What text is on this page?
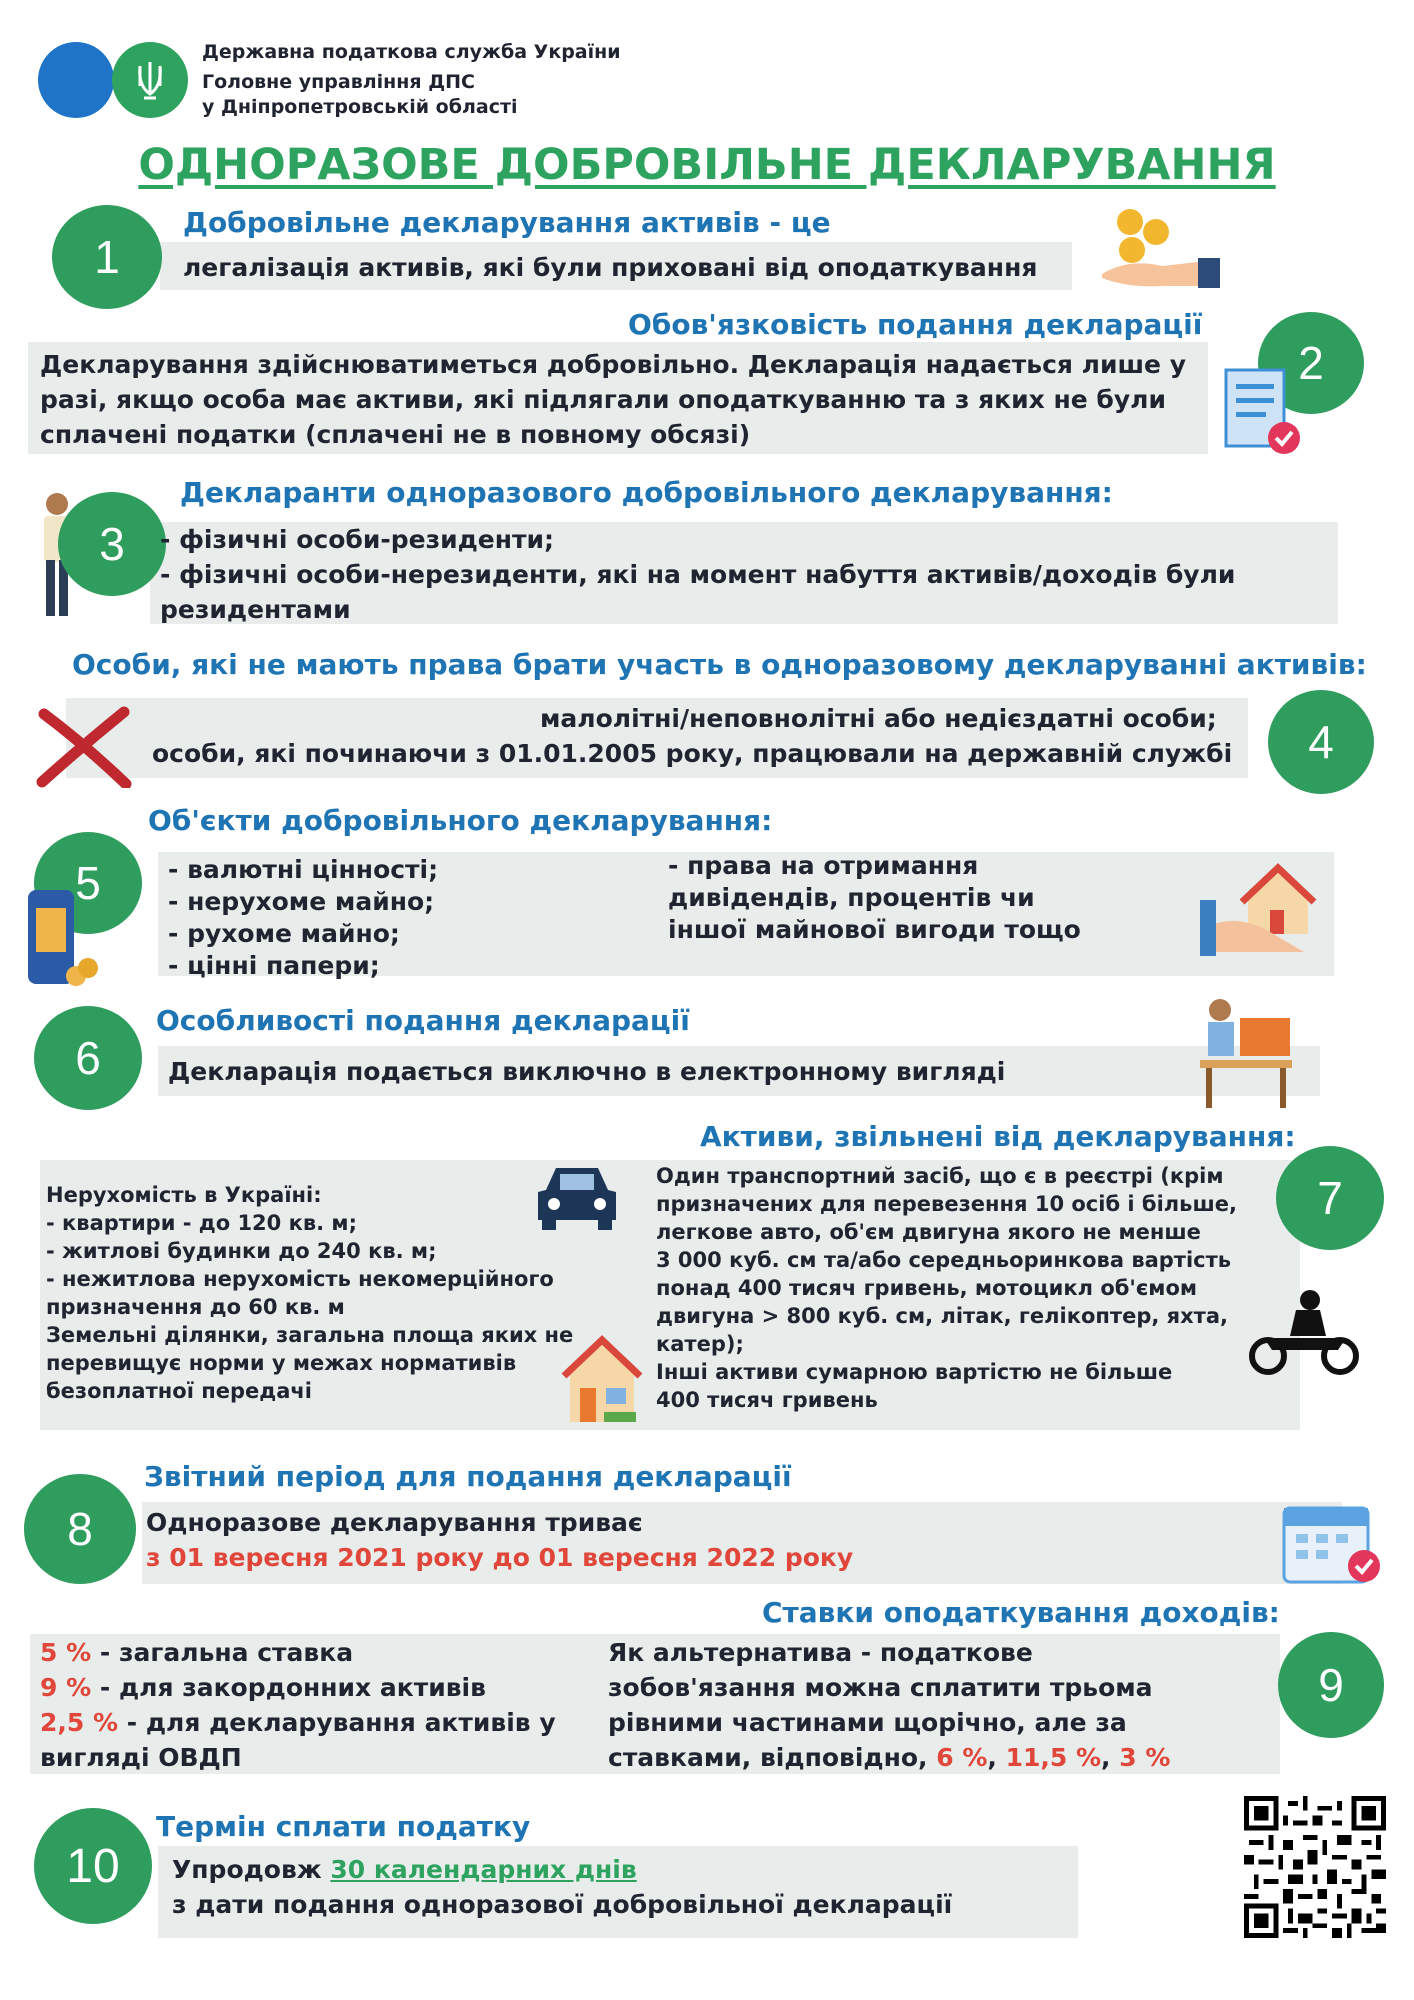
Державна податкова служба України
Головне управління ДПС
у Дніпропетровській області
ОДНОРАЗОВЕ ДОБРОВІЛЬНЕ ДЕКЛАРУВАННЯ
1
Добровільне декларування активів - це
легалізація активів, які були приховані від оподаткування
Обов'язковість подання декларації
Декларування здійснюватиметься добровільно. Декларація надається лише у
разі, якщо особа має активи, які підлягали оподаткуванню та з яких не були
сплачені податки (сплачені не в повному обсязі)
2
Декларанти одноразового добровільного декларування:
3	- фізичні особи-резиденти;
- фізичні особи-нерезиденти, які на момент набуття активів/доходів були
резидентами
Особи, які не мають права брати участь в одноразовому декларуванні активів:
малолітні/неповнолітні або недієздатні особи;
особи, які починаючи з 01.01.2005 року, працювали на державній службі	4
Об'єкти добровільного декларування:
5	- валютні цінності;
- нерухоме майно;
- рухоме майно;
- цінні папери;
- права на отримання
дивідендів, процентів чи
іншої майнової вигоди тощо
Особливості подання декларації
6	Декларація подається виключно в електронному вигляді
Активи, звільнені від декларування:
7
Нерухомість в Україні:
- квартири - до 120 кв. м;
- житлові будинки до 240 кв. м;
- нежитлова нерухомість некомерційного
призначення до 60 кв. м
Земельні ділянки, загальна площа яких не
перевищує норми у межах нормативів
безоплатної передачі
Один транспортний засіб, що є в реєстрі (крім
призначених для перевезення 10 осіб і більше,
легкове авто, об'єм двигуна якого не менше
3 000 куб. см та/або середньоринкова вартість
понад 400 тисяч гривень, мотоцикл об'ємом
двигуна > 800 куб. см, літак, гелікоптер, яхта,
катер);
Інші активи сумарною вартістю не більше
400 тисяч гривень
Звітний період для подання декларації
8	Одноразове декларування триває
з 01 вересня 2021 року до 01 вересня 2022 року
Ставки оподаткування доходів:
9
5 % - загальна ставка
9 % - для закордонних активів
2,5 % - для декларування активів у
вигляді ОВДП
Як альтернатива - податкове
зобов'язання можна сплатити трьома
рівними частинами щорічно, але за
ставками, відповідно, 6 %, 11,5 %, 3 %
Термін сплати податку
10	Упродовж 30 календарних днів
з дати подання одноразової добровільної декларації
